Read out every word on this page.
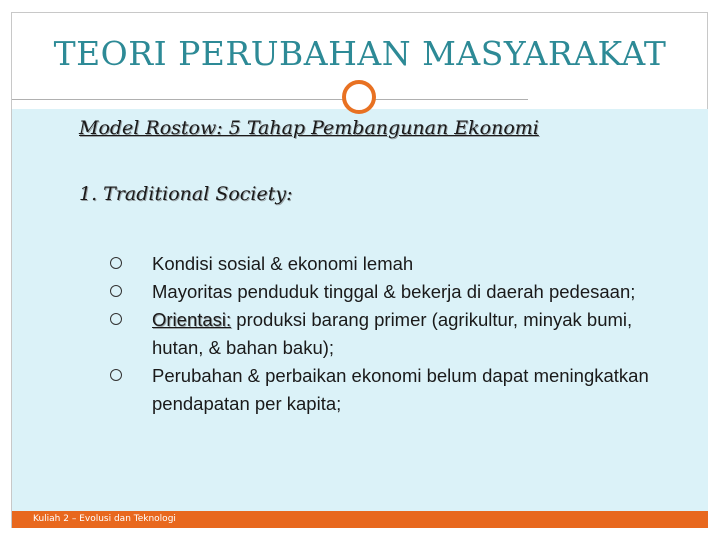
TEORI PERUBAHAN MASYARAKAT
Model Rostow: 5 Tahap Pembangunan Ekonomi
1. Traditional Society:
Kondisi sosial & ekonomi lemah
Mayoritas penduduk tinggal & bekerja di daerah pedesaan;
Orientasi: produksi barang primer (agrikultur, minyak bumi, hutan, & bahan baku);
Perubahan & perbaikan ekonomi belum dapat meningkatkan pendapatan per kapita;
Kuliah 2 – Evolusi dan Teknologi
